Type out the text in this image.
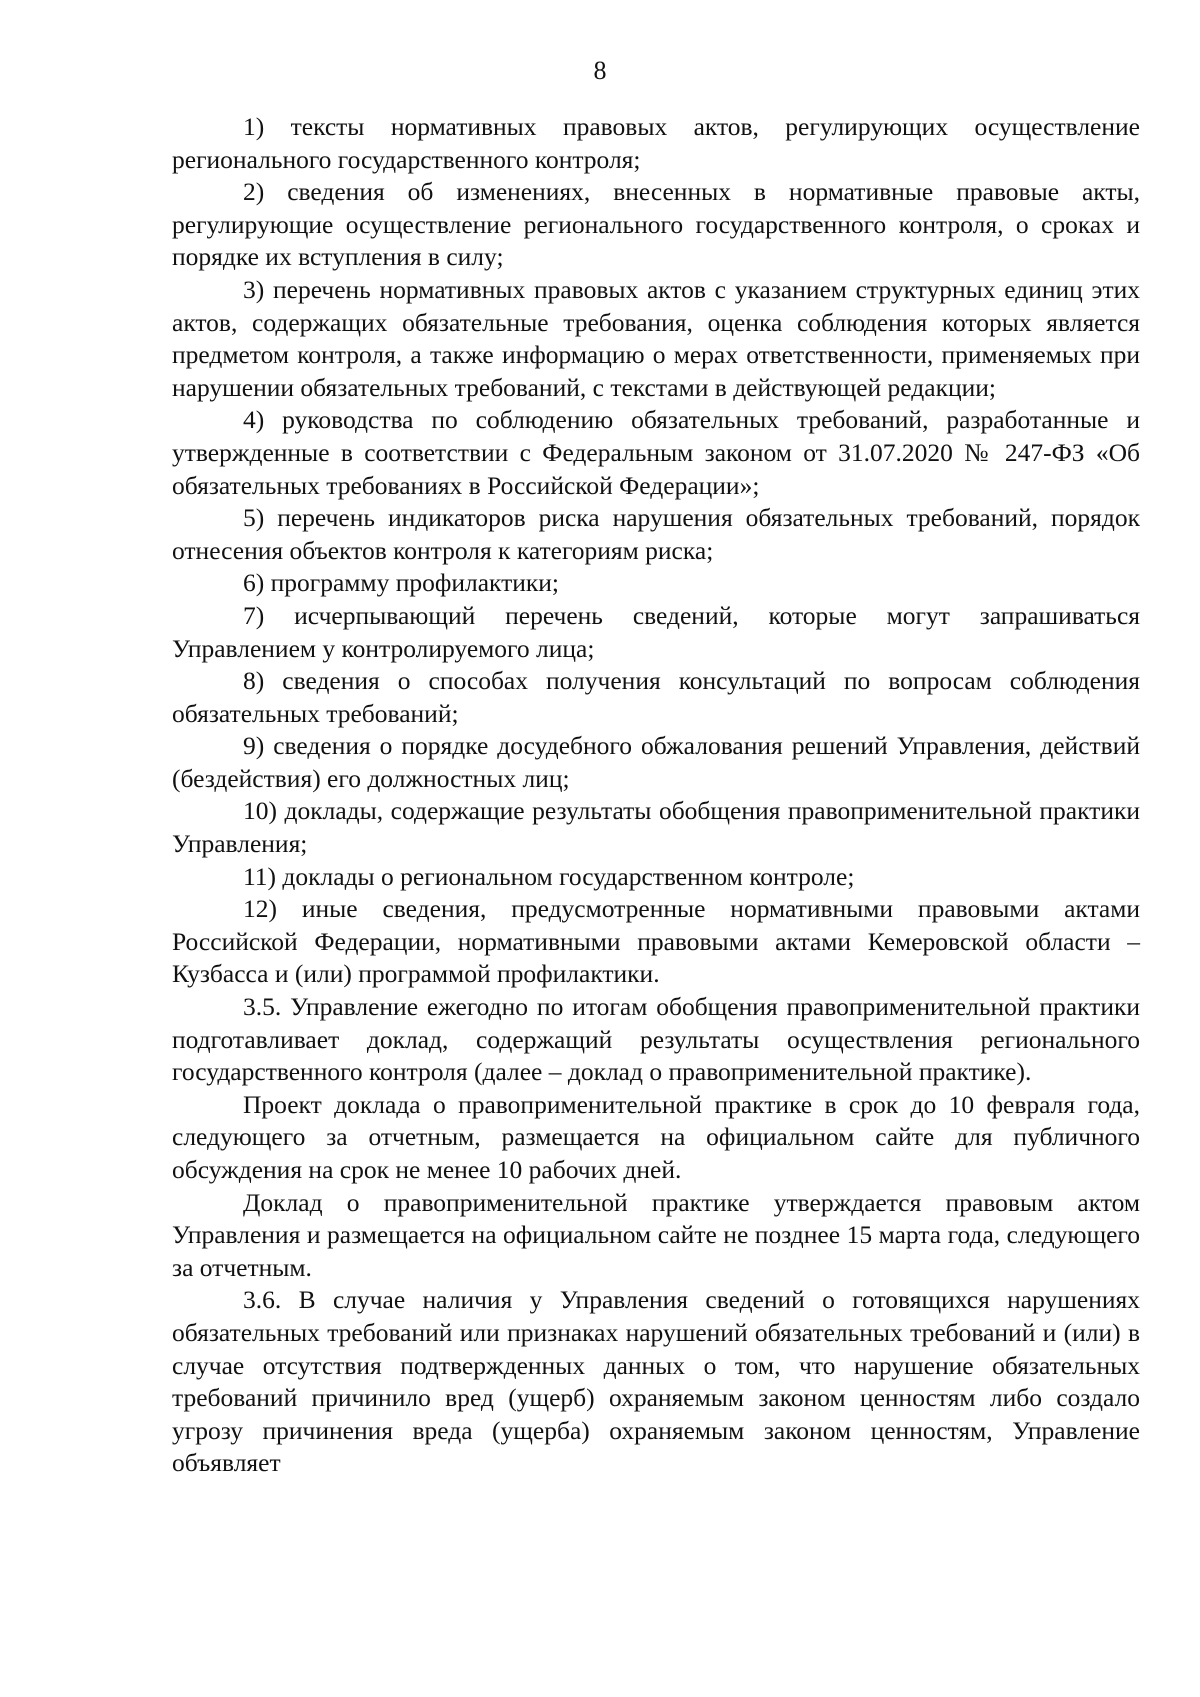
8

1) тексты нормативных правовых актов, регулирующих осуществление регионального государственного контроля;

2) сведения об изменениях, внесенных в нормативные правовые акты, регулирующие осуществление регионального государственного контроля, о сроках и порядке их вступления в силу;

3) перечень нормативных правовых актов с указанием структурных единиц этих актов, содержащих обязательные требования, оценка соблюдения которых является предметом контроля, а также информацию о мерах ответственности, применяемых при нарушении обязательных требований, с текстами в действующей редакции;

4) руководства по соблюдению обязательных требований, разработанные и утвержденные в соответствии с Федеральным законом от 31.07.2020 № 247-ФЗ «Об обязательных требованиях в Российской Федерации»;

5) перечень индикаторов риска нарушения обязательных требований, порядок отнесения объектов контроля к категориям риска;

6) программу профилактики;

7) исчерпывающий перечень сведений, которые могут запрашиваться Управлением у контролируемого лица;

8) сведения о способах получения консультаций по вопросам соблюдения обязательных требований;

9) сведения о порядке досудебного обжалования решений Управления, действий (бездействия) его должностных лиц;

10) доклады, содержащие результаты обобщения правоприменительной практики Управления;

11) доклады о региональном государственном контроле;

12) иные сведения, предусмотренные нормативными правовыми актами Российской Федерации, нормативными правовыми актами Кемеровской области – Кузбасса и (или) программой профилактики.

3.5. Управление ежегодно по итогам обобщения правоприменительной практики подготавливает доклад, содержащий результаты осуществления регионального государственного контроля (далее – доклад о правоприменительной практике).

Проект доклада о правоприменительной практике в срок до 10 февраля года, следующего за отчетным, размещается на официальном сайте для публичного обсуждения на срок не менее 10 рабочих дней.

Доклад о правоприменительной практике утверждается правовым актом Управления и размещается на официальном сайте не позднее 15 марта года, следующего за отчетным.

3.6. В случае наличия у Управления сведений о готовящихся нарушениях обязательных требований или признаках нарушений обязательных требований и (или) в случае отсутствия подтвержденных данных о том, что нарушение обязательных требований причинило вред (ущерб) охраняемым законом ценностям либо создало угрозу причинения вреда (ущерба) охраняемым законом ценностям, Управление объявляет
